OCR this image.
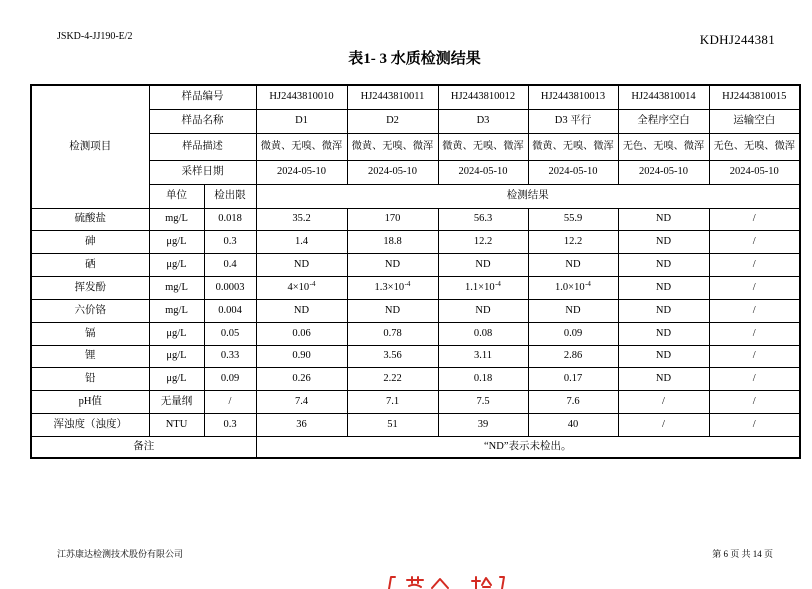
JSKD-4-JJ190-E/2	KDHJ244381
表1- 3 水质检测结果
检测项目	样品编号		HJ2443810010	HJ2443810011	HJ2443810012	HJ2443810013	HJ2443810014	HJ2443810015
	样品名称		D1	D2	D3	D3 平行	全程序空白	运输空白
	样品描述		微黄、无嗅、微浑	微黄、无嗅、微浑	微黄、无嗅、微浑	微黄、无嗅、微浑	无色、无嗅、微浑	无色、无嗅、微浑
	采样日期		2024-05-10	2024-05-10	2024-05-10	2024-05-10	2024-05-10	2024-05-10
	单位	检出限	检测结果					
硫酸盐	mg/L	0.018	35.2	170	56.3	55.9	ND	/
砷	μg/L	0.3	1.4	18.8	12.2	12.2	ND	/
硒	μg/L	0.4	ND	ND	ND	ND	ND	/
挥发酚	mg/L	0.0003	$4\times 10^{-4}$	$1.3\times 10^{-4}$	$1.1\times 10^{-4}$	$1.0\times 10^{-4}$	ND	/
六价铬	mg/L	0.004	ND	ND	ND	ND	ND	/
镉	μg/L	0.05	0.06	0.78	0.08	0.09	ND	/
锂	μg/L	0.33	0.90	3.56	3.11	2.86	ND	/
铅	μg/L	0.09	0.26	2.22	0.18	0.17	ND	/
pH值	无量纲	/	7.4	7.1	7.5	7.6	/	/
浑浊度（浊度）	NTU	0.3	36	51	39	40	/	/
备注			“ND”表示未检出。					
江苏康达检测技术股份有限公司	第 6 页 共 14 页
